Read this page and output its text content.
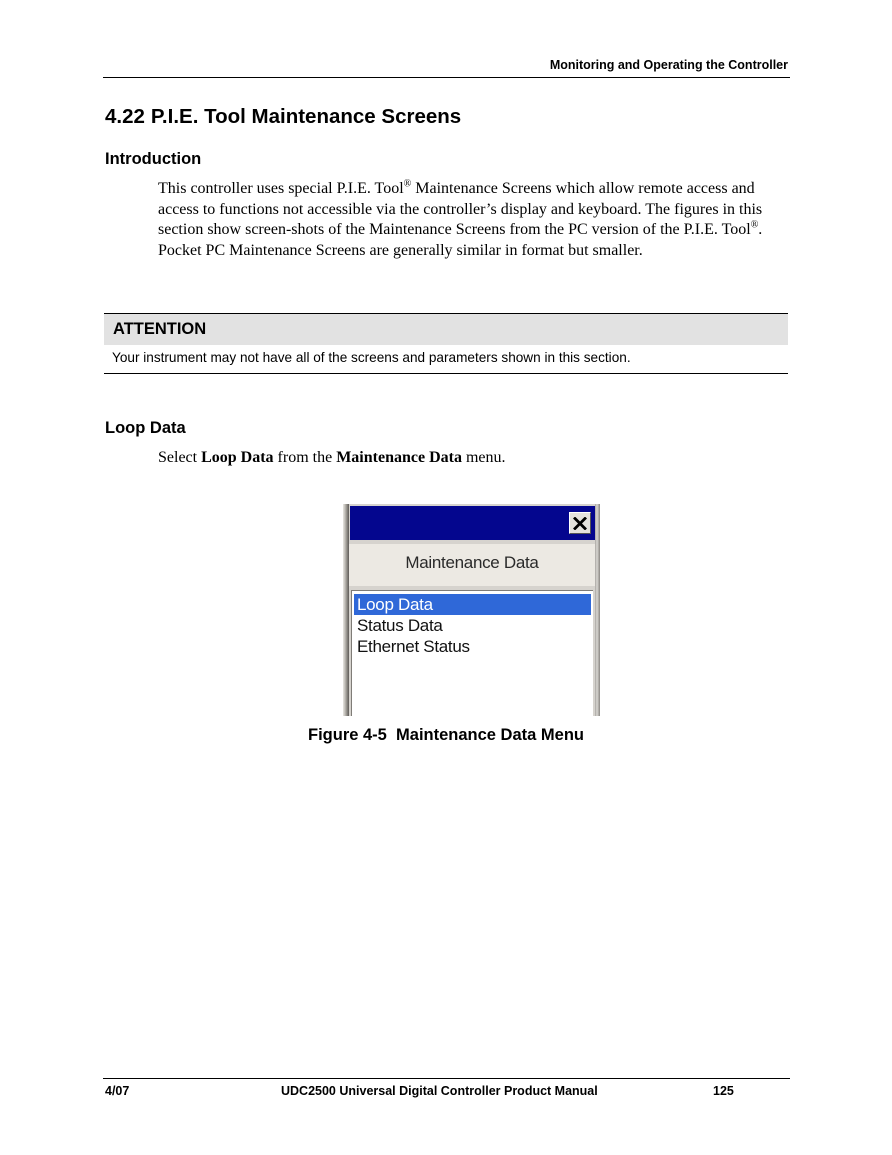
Monitoring and Operating the Controller
4.22 P.I.E. Tool Maintenance Screens
Introduction

This controller uses special P.I.E. Tool® Maintenance Screens which allow remote access and access to functions not accessible via the controller’s display and keyboard. The figures in this section show screen-shots of the Maintenance Screens from the PC version of the P.I.E. Tool®. Pocket PC Maintenance Screens are generally similar in format but smaller.

ATTENTION
Your instrument may not have all of the screens and parameters shown in this section.
Loop Data

Select Loop Data from the Maintenance Data menu.

Maintenance Data
Loop Data
Status Data
Ethernet Status
Figure 4-5  Maintenance Data Menu
4/07	UDC2500 Universal Digital Controller Product Manual	125
